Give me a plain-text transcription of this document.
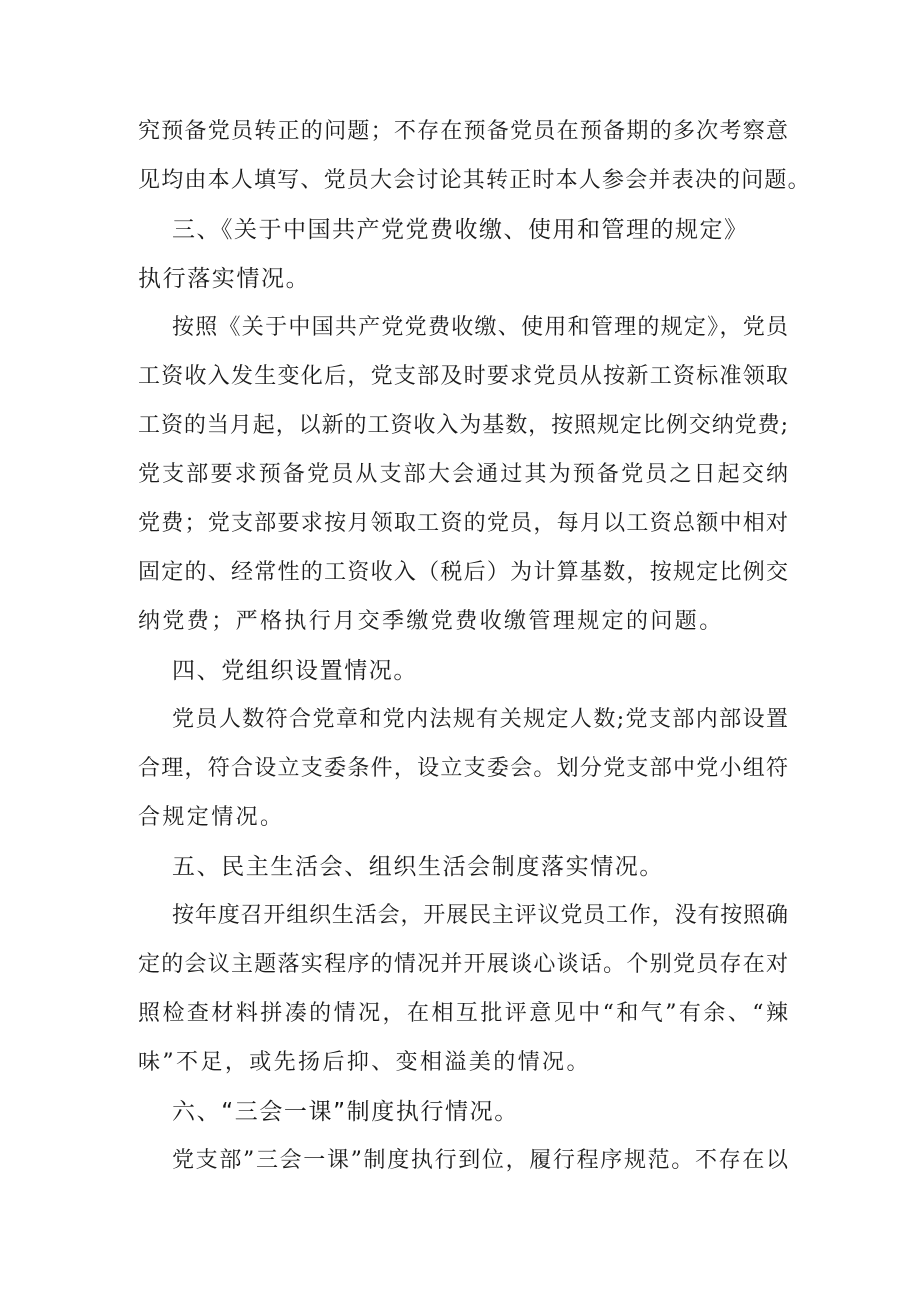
究预备党员转正的问题；不存在预备党员在预备期的多次考察意
见均由本人填写、党员大会讨论其转正时本人参会并表决的问题。
三、《关于中国共产党党费收缴、使用和管理的规定》
执行落实情况。
按照《关于中国共产党党费收缴、使用和管理的规定》，党员
工资收入发生变化后，党支部及时要求党员从按新工资标准领取
工资的当月起，以新的工资收入为基数，按照规定比例交纳党费;
党支部要求预备党员从支部大会通过其为预备党员之日起交纳
党费；党支部要求按月领取工资的党员，每月以工资总额中相对
固定的、经常性的工资收入（税后）为计算基数，按规定比例交
纳党费；严格执行月交季缴党费收缴管理规定的问题。
四、党组织设置情况。
党员人数符合党章和党内法规有关规定人数;党支部内部设置
合理，符合设立支委条件，设立支委会。划分党支部中党小组符
合规定情况。
五、民主生活会、组织生活会制度落实情况。
按年度召开组织生活会，开展民主评议党员工作，没有按照确
定的会议主题落实程序的情况并开展谈心谈话。个别党员存在对
照检查材料拼凑的情况，在相互批评意见中“和气”有余、“辣
味”不足，或先扬后抑、变相溢美的情况。
六、“三会一课”制度执行情况。
党支部”三会一课”制度执行到位，履行程序规范。不存在以
